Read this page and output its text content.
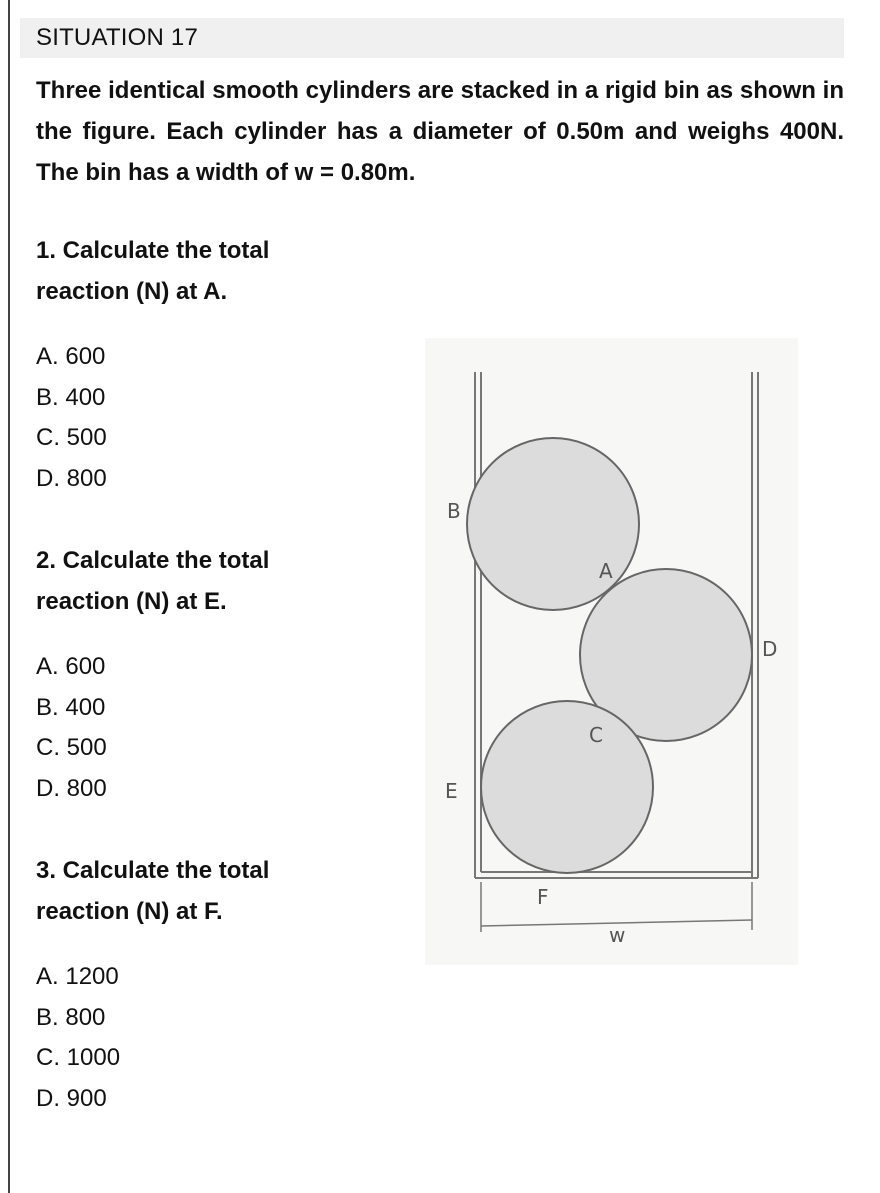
SITUATION 17
Three identical smooth cylinders are stacked in a rigid bin as shown in the figure. Each cylinder has a diameter of 0.50m and weighs 400N. The bin has a width of w = 0.80m.
1. Calculate the total
reaction (N) at A.
A. 600
B. 400
C. 500
D. 800
2. Calculate the total
reaction (N) at E.
A. 600
B. 400
C. 500
D. 800
3. Calculate the total
reaction (N) at F.
A. 1200
B. 800
C. 1000
D. 900
B
A
D
C
E
F
w
